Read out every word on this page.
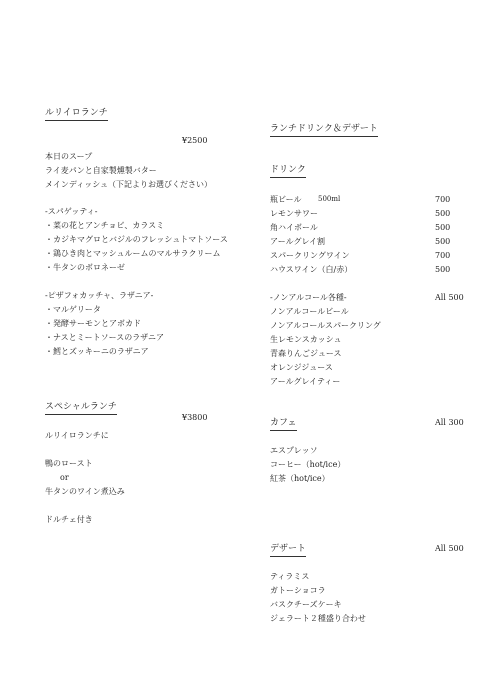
ルリイロランチ
¥2500
本日のスープ
ライ麦パンと自家製燻製バター
メインディッシュ（下記よりお選びください）
-スパゲッティ-
・菜の花とアンチョビ、カラスミ
・カジキマグロとバジルのフレッシュトマトソース
・鶏ひき肉とマッシュルームのマルサラクリーム
・牛タンのボロネーゼ
-ピザフォカッチャ、ラザニア-
・マルゲリータ
・発酵サーモンとアボカド
・ナスとミートソースのラザニア
・鱈とズッキーニのラザニア
スペシャルランチ
¥3800
ルリイロランチに
鴨のロースト
or
牛タンのワイン煮込み
ドルチェ付き
ランチドリンク＆デザート
ドリンク
瓶ビール 500ml	700
レモンサワー	500
角ハイボール	500
アールグレイ割	500
スパークリングワイン	700
ハウスワイン（白/赤）	500
-ノンアルコール各種-	All 500
ノンアルコールビール
ノンアルコールスパークリング
生レモンスカッシュ
青森りんごジュース
オレンジジュース
アールグレイティー
カフェ	All 300
エスプレッソ
コーヒー（hot/ice）
紅茶（hot/ice）
デザート	All 500
ティラミス
ガトーショコラ
バスクチーズケーキ
ジェラート２種盛り合わせ
